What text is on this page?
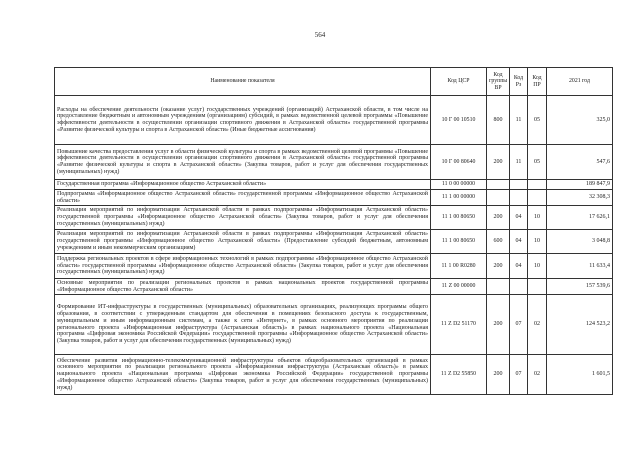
564
Наименование показателя	Код ЦСР	Код группы ВР	Код Рз	Код ПР	2021 год
Расходы на обеспечение деятельности (оказание услуг) государственных учреждений (организаций) Астраханской области, в том числе на предоставление бюджетным и автономным учреждениям (организациям) субсидий, в рамках ведомственной целевой программы «Повышение эффективности деятельности в осуществлении организации спортивного движения в Астраханской области» государственной программы «Развитие физической культуры и спорта в Астраханской области» (Иные бюджетные ассигнования)	10 Г 00 10510	800	11	05	325,0
Повышение качества предоставления услуг в области физической культуры и спорта в рамках ведомственной целевой программы «Повышение эффективности деятельности в осуществлении организации спортивного движения в Астраханской области» государственной программы «Развитие физической культуры и спорта в Астраханской области» (Закупка товаров, работ и услуг для обеспечения государственных (муниципальных) нужд)	10 Г 00 80640	200	11	05	547,6
Государственная программа «Информационное общество Астраханской области»	11 0 00 00000				189 847,9
Подпрограмма «Информационное общество Астраханской области» государственной программы «Информационное общество Астраханской области»	11 1 00 00000				32 308,3
Реализация мероприятий по информатизации Астраханской области в рамках подпрограммы «Информатизация Астраханской области» государственной программы «Информационное общество Астраханской области» (Закупка товаров, работ и услуг для обеспечения государственных (муниципальных) нужд)	11 1 00 80650	200	04	10	17 626,1
Реализация мероприятий по информатизации Астраханской области в рамках подпрограммы «Информатизация Астраханской области» государственной программы «Информационное общество Астраханской области» (Предоставление субсидий бюджетным, автономным учреждениям и иным некоммерческим организациям)	11 1 00 80650	600	04	10	3 048,8
Поддержка региональных проектов в сфере информационных технологий в рамках подпрограммы «Информационное общество Астраханской области» государственной программы «Информационное общество Астраханской области» (Закупка товаров, работ и услуг для обеспечения государственных (муниципальных) нужд)	11 1 00 R0280	200	04	10	11 633,4
Основные мероприятия по реализации региональных проектов в рамках национальных проектов государственной программы «Информационное общество Астраханской области»	11 Z 00 00000				157 539,6
Формирование ИТ-инфраструктуры в государственных (муниципальных) образовательных организациях, реализующих программы общего образования, в соответствии с утвержденным стандартом для обеспечения в помещениях безопасного доступа к государственным, муниципальным и иным информационным системам, а также к сети «Интернет», в рамках основного мероприятия по реализации регионального проекта «Информационная инфраструктура (Астраханская область)» в рамках национального проекта «Национальная программа «Цифровая экономика Российской Федерации» государственной программы «Информационное общество Астраханской области» (Закупка товаров, работ и услуг для обеспечения государственных (муниципальных) нужд)	11 Z D2 51170	200	07	02	124 523,2
Обеспечение развития информационно-телекоммуникационной инфраструктуры объектов общеобразовательных организаций в рамках основного мероприятия по реализации регионального проекта «Информационная инфраструктура (Астраханская область)» в рамках национального проекта «Национальная программа «Цифровая экономика Российской Федерации» государственной программы «Информационное общество Астраханской области» (Закупка товаров, работ и услуг для обеспечения государственных (муниципальных) нужд)	11 Z D2 55850	200	07	02	1 601,5
